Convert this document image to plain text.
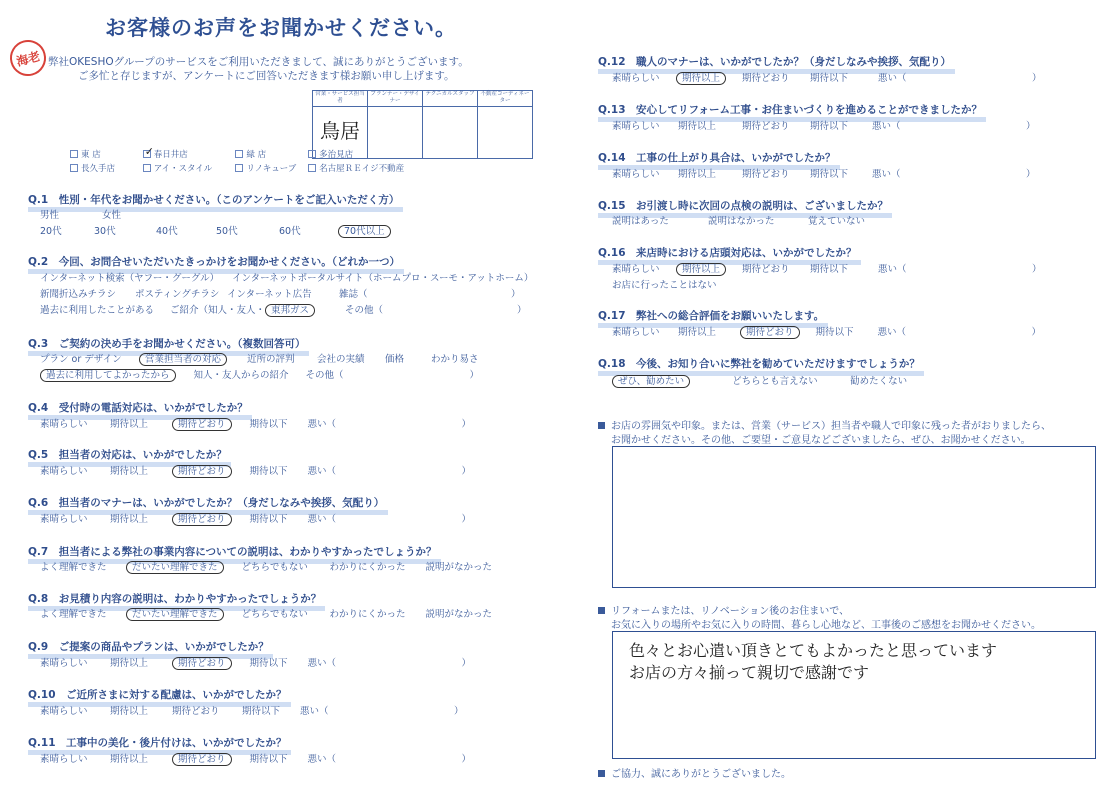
お客様のお声をお聞かせください。
海老 弊社OKESHOグループのサービスをご利用いただきまして、誠にありがとうございます。
ご多忙と存じますが、アンケートにご回答いただきます様お願い申し上げます。
営業・サービス担当者	プランナー・デザイナー	テクニカルスタッフ	不動産コーディネーター

鳥居			

東 店	✓ 春日井店	緑 店	多治見店
長久手店	アイ・スタイル	リノキューブ	名古屋ＲＥイジ不動産
Q.1　性別・年代をお聞かせください。（このアンケートをご記入いただく方）
男性	女性
20代	30代	40代	50代	60代	70代以上
Q.2　今回、お問合せいただいたきっかけをお聞かせください。（どれか一つ）
インターネット検索（ヤフー・グーグル） インターネットポータルサイト（ホームプロ・スーモ・アットホーム）
新聞折込みチラシ ポスティングチラシ インターネット広告	雑誌（	）
過去に利用したことがある ご紹介（知人・友人・ 東邦ガス	その他（	）
Q.3　ご契約の決め手をお聞かせください。（複数回答可）
プラン or デザイン 営業担当者の対応	近所の評判 会社の実績 価格	わかり易さ
過去に利用してよかったから	知人・友人からの紹介 その他（	）
Q.4　受付時の電話対応は、いかがでしたか？
素晴らしい 期待以上	期待どおり	期待以下 悪い（	）
Q.5　担当者の対応は、いかがでしたか？
素晴らしい 期待以上	期待どおり	期待以下 悪い（	）
Q.6　担当者のマナーは、いかがでしたか？（身だしなみや挨拶、気配り）
素晴らしい 期待以上	期待どおり	期待以下 悪い（	）
Q.7　担当者による弊社の事業内容についての説明は、わかりやすかったでしょうか？
よく理解できた	だいたい理解できた	どちらでもない わかりにくかった 説明がなかった
Q.8　お見積り内容の説明は、わかりやすかったでしょうか？
よく理解できた	だいたい理解できた	どちらでもない わかりにくかった 説明がなかった
Q.9　ご提案の商品やプランは、いかがでしたか？
素晴らしい 期待以上	期待どおり	期待以下 悪い（	）
Q.10　ご近所さまに対する配慮は、いかがでしたか？
素晴らしい 期待以上	期待どおり 期待以下 悪い（	）
Q.11　工事中の美化・後片付けは、いかがでしたか？
素晴らしい 期待以上	期待どおり	期待以下 悪い（	）
Q.12　職人のマナーは、いかがでしたか？（身だしなみや挨拶、気配り）
素晴らしい 期待以上 期待どおり 期待以下	悪い（	）
Q.13　安心してリフォーム工事・お住まいづくりを進めることができましたか？
素晴らしい 期待以上	期待どおり 期待以下	悪い（	）
Q.14　工事の仕上がり具合は、いかがでしたか？
素晴らしい 期待以上	期待どおり 期待以下	悪い（	）
Q.15　お引渡し時に次回の点検の説明は、ございましたか？
説明はあった	説明はなかった	覚えていない
Q.16　来店時における店頭対応は、いかがでしたか？
素晴らしい 期待以上 期待どおり 期待以下	悪い（	）
お店に行ったことはない
Q.17　弊社への総合評価をお願いいたします。
素晴らしい 期待以上	期待どおり 期待以下	悪い（	）
Q.18　今後、お知り合いに弊社を勧めていただけますでしょうか？
ぜひ、勧めたい	どちらとも言えない	勧めたくない
お店の雰囲気や印象。または、営業（サービス）担当者や職人で印象に残った者がおりましたら、
お聞かせください。その他、ご要望・ご意見などございましたら、ぜひ、お聞かせください。
リフォームまたは、リノベーション後のお住まいで、
お気に入りの場所やお気に入りの時間、暮らし心地など、工事後のご感想をお聞かせください。
色々とお心遣い頂きとてもよかったと思っています
お店の方々揃って親切で感謝です
ご協力、誠にありがとうございました。
